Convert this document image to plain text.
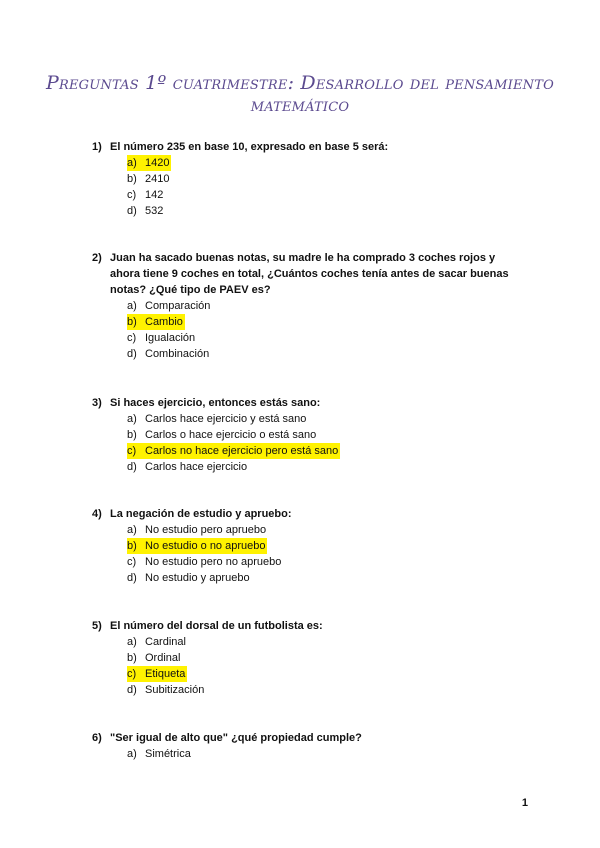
Preguntas 1º cuatrimestre: Desarrollo del pensamiento matemático
1) El número 235 en base 10, expresado en base 5 será:
a) 1420
b) 2410
c) 142
d) 532
2) Juan ha sacado buenas notas, su madre le ha comprado 3 coches rojos y ahora tiene 9 coches en total, ¿Cuántos coches tenía antes de sacar buenas notas? ¿Qué tipo de PAEV es?
a) Comparación
b) Cambio
c) Igualación
d) Combinación
3) Si haces ejercicio, entonces estás sano:
a) Carlos hace ejercicio y está sano
b) Carlos o hace ejercicio o está sano
c) Carlos no hace ejercicio pero está sano
d) Carlos hace ejercicio
4) La negación de estudio y apruebo:
a) No estudio pero apruebo
b) No estudio o no apruebo
c) No estudio pero no apruebo
d) No estudio y apruebo
5) El número del dorsal de un futbolista es:
a) Cardinal
b) Ordinal
c) Etiqueta
d) Subitización
6) "Ser igual de alto que" ¿qué propiedad cumple?
a) Simétrica
1
